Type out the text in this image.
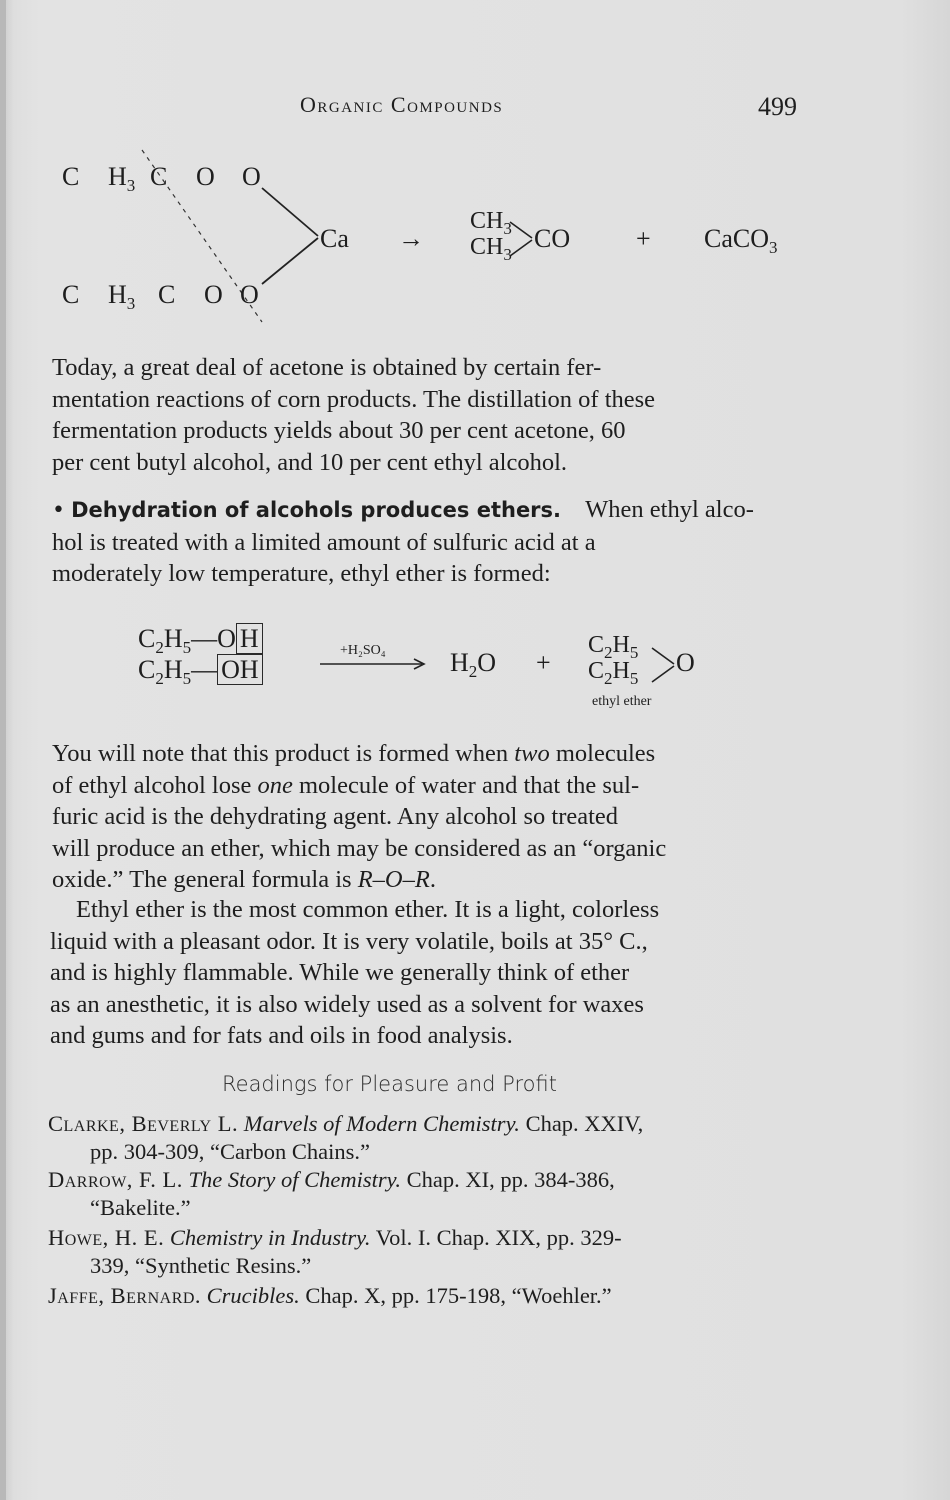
Organic Compounds	499
C $H_3$ C O O
C $H_3$ C O O
Ca →
$CH_3$
$CH_3$
CO	+ CaCO$_3$
Today, a great deal of acetone is obtained by certain fer-
mentation reactions of corn products. The distillation of these
fermentation products yields about 30 per cent acetone, 60
per cent butyl alcohol, and 10 per cent ethyl alcohol.
• Dehydration of alcohols produces ethers. When ethyl alco-
hol is treated with a limited amount of sulfuric acid at a
moderately low temperature, ethyl ether is formed:
$C_2H_5—O$ H
$C_2H_5—$ OH
+H₂SO₄ $H_2O$ +
$C_2H_5$
$C_2H_5$
O
ethyl ether
You will note that this product is formed when two molecules
of ethyl alcohol lose one molecule of water and that the sul-
furic acid is the dehydrating agent. Any alcohol so treated
will produce an ether, which may be considered as an “organic
oxide.” The general formula is R–O–R.
Ethyl ether is the most common ether. It is a light, colorless
liquid with a pleasant odor. It is very volatile, boils at 35° C.,
and is highly flammable. While we generally think of ether
as an anesthetic, it is also widely used as a solvent for waxes
and gums and for fats and oils in food analysis.
Readings for Pleasure and Profit
Clarke, Beverly L. Marvels of Modern Chemistry. Chap. XXIV,
pp. 304-309, “Carbon Chains.”
Darrow, F. L. The Story of Chemistry. Chap. XI, pp. 384-386,
“Bakelite.”
Howe, H. E. Chemistry in Industry. Vol. I. Chap. XIX, pp. 329-
339, “Synthetic Resins.”
Jaffe, Bernard. Crucibles. Chap. X, pp. 175-198, “Woehler.”
